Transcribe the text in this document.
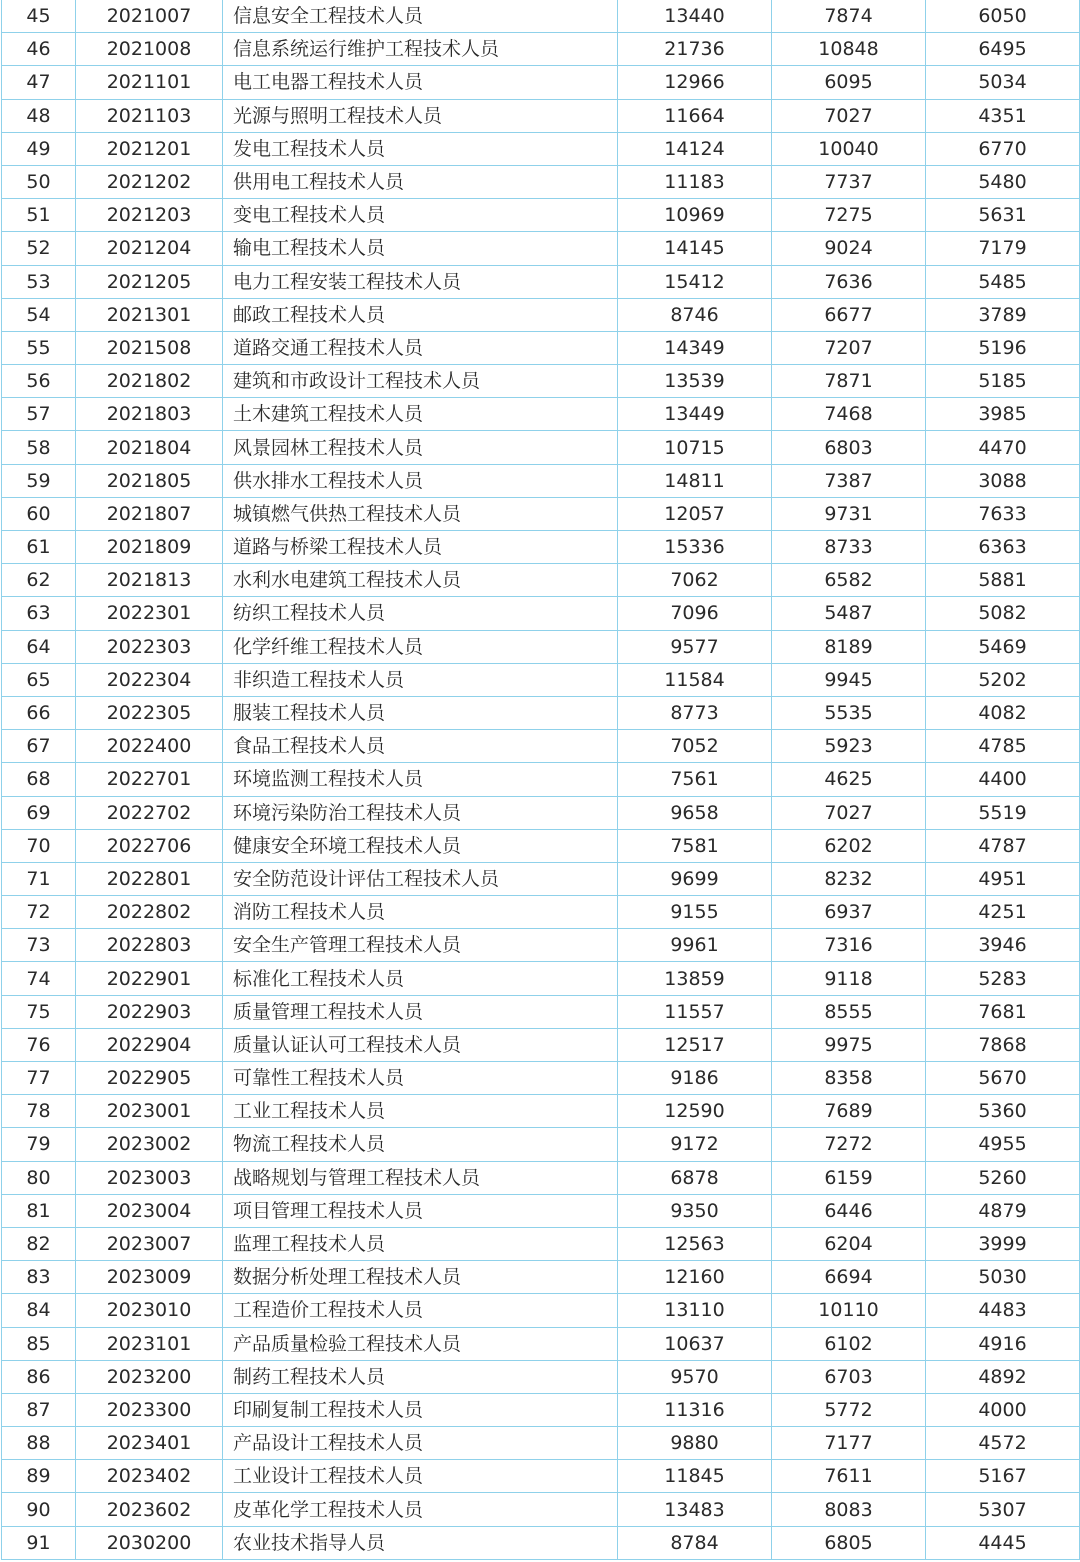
45	2021007	信息安全工程技术人员	13440	7874	6050
46	2021008	信息系统运行维护工程技术人员	21736	10848	6495
47	2021101	电工电器工程技术人员	12966	6095	5034
48	2021103	光源与照明工程技术人员	11664	7027	4351
49	2021201	发电工程技术人员	14124	10040	6770
50	2021202	供用电工程技术人员	11183	7737	5480
51	2021203	变电工程技术人员	10969	7275	5631
52	2021204	输电工程技术人员	14145	9024	7179
53	2021205	电力工程安装工程技术人员	15412	7636	5485
54	2021301	邮政工程技术人员	8746	6677	3789
55	2021508	道路交通工程技术人员	14349	7207	5196
56	2021802	建筑和市政设计工程技术人员	13539	7871	5185
57	2021803	土木建筑工程技术人员	13449	7468	3985
58	2021804	风景园林工程技术人员	10715	6803	4470
59	2021805	供水排水工程技术人员	14811	7387	3088
60	2021807	城镇燃气供热工程技术人员	12057	9731	7633
61	2021809	道路与桥梁工程技术人员	15336	8733	6363
62	2021813	水利水电建筑工程技术人员	7062	6582	5881
63	2022301	纺织工程技术人员	7096	5487	5082
64	2022303	化学纤维工程技术人员	9577	8189	5469
65	2022304	非织造工程技术人员	11584	9945	5202
66	2022305	服装工程技术人员	8773	5535	4082
67	2022400	食品工程技术人员	7052	5923	4785
68	2022701	环境监测工程技术人员	7561	4625	4400
69	2022702	环境污染防治工程技术人员	9658	7027	5519
70	2022706	健康安全环境工程技术人员	7581	6202	4787
71	2022801	安全防范设计评估工程技术人员	9699	8232	4951
72	2022802	消防工程技术人员	9155	6937	4251
73	2022803	安全生产管理工程技术人员	9961	7316	3946
74	2022901	标准化工程技术人员	13859	9118	5283
75	2022903	质量管理工程技术人员	11557	8555	7681
76	2022904	质量认证认可工程技术人员	12517	9975	7868
77	2022905	可靠性工程技术人员	9186	8358	5670
78	2023001	工业工程技术人员	12590	7689	5360
79	2023002	物流工程技术人员	9172	7272	4955
80	2023003	战略规划与管理工程技术人员	6878	6159	5260
81	2023004	项目管理工程技术人员	9350	6446	4879
82	2023007	监理工程技术人员	12563	6204	3999
83	2023009	数据分析处理工程技术人员	12160	6694	5030
84	2023010	工程造价工程技术人员	13110	10110	4483
85	2023101	产品质量检验工程技术人员	10637	6102	4916
86	2023200	制药工程技术人员	9570	6703	4892
87	2023300	印刷复制工程技术人员	11316	5772	4000
88	2023401	产品设计工程技术人员	9880	7177	4572
89	2023402	工业设计工程技术人员	11845	7611	5167
90	2023602	皮革化学工程技术人员	13483	8083	5307
91	2030200	农业技术指导人员	8784	6805	4445
